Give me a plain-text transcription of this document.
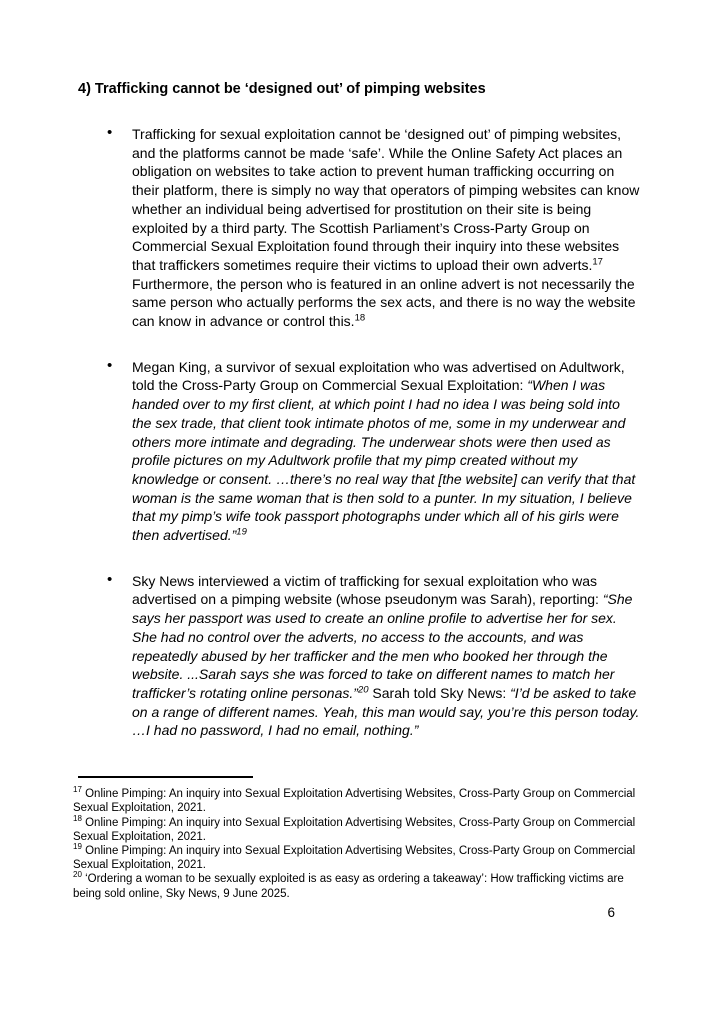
4) Trafficking cannot be ‘designed out’ of pimping websites
• Trafficking for sexual exploitation cannot be ‘designed out’ of pimping websites, and the platforms cannot be made ‘safe’. While the Online Safety Act places an obligation on websites to take action to prevent human trafficking occurring on their platform, there is simply no way that operators of pimping websites can know whether an individual being advertised for prostitution on their site is being exploited by a third party. The Scottish Parliament’s Cross-Party Group on Commercial Sexual Exploitation found through their inquiry into these websites that traffickers sometimes require their victims to upload their own adverts.$^{17}$ Furthermore, the person who is featured in an online advert is not necessarily the same person who actually performs the sex acts, and there is no way the website can know in advance or control this.$^{18}$
• Megan King, a survivor of sexual exploitation who was advertised on Adultwork, told the Cross-Party Group on Commercial Sexual Exploitation: “When I was handed over to my first client, at which point I had no idea I was being sold into the sex trade, that client took intimate photos of me, some in my underwear and others more intimate and degrading. The underwear shots were then used as profile pictures on my Adultwork profile that my pimp created without my knowledge or consent. …there’s no real way that [the website] can verify that that woman is the same woman that is then sold to a punter. In my situation, I believe that my pimp’s wife took passport photographs under which all of his girls were then advertised.”$^{19}$
• Sky News interviewed a victim of trafficking for sexual exploitation who was advertised on a pimping website (whose pseudonym was Sarah), reporting: “She says her passport was used to create an online profile to advertise her for sex. She had no control over the adverts, no access to the accounts, and was repeatedly abused by her trafficker and the men who booked her through the website. ...Sarah says she was forced to take on different names to match her trafficker’s rotating online personas.”$^{20}$ Sarah told Sky News: “I’d be asked to take on a range of different names. Yeah, this man would say, you’re this person today. …I had no password, I had no email, nothing.”

$^{17}$ Online Pimping: An inquiry into Sexual Exploitation Advertising Websites, Cross-Party Group on Commercial Sexual Exploitation, 2021.

$^{18}$ Online Pimping: An inquiry into Sexual Exploitation Advertising Websites, Cross-Party Group on Commercial Sexual Exploitation, 2021.

$^{19}$ Online Pimping: An inquiry into Sexual Exploitation Advertising Websites, Cross-Party Group on Commercial Sexual Exploitation, 2021.

$^{20}$ ‘Ordering a woman to be sexually exploited is as easy as ordering a takeaway’: How trafficking victims are being sold online, Sky News, 9 June 2025.

6
